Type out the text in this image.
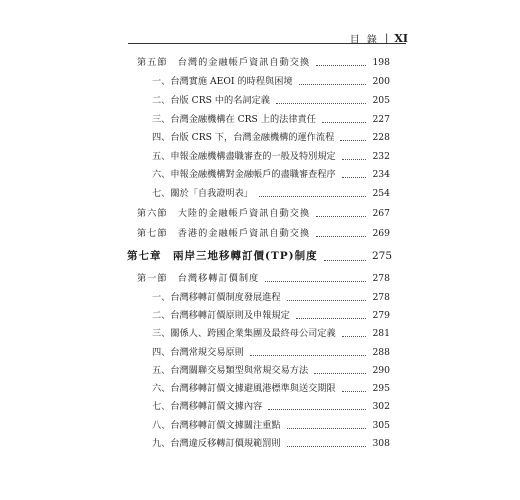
目 錄 | XI
第五節　台灣的金融帳戶資訊自動交換	198
一、台灣實施 AEOI 的時程與困境	200
二、台版 CRS 中的名詞定義	205
三、台灣金融機構在 CRS 上的法律責任	227
四、台版 CRS 下，台灣金融機構的運作流程	228
五、申報金融機構盡職審查的一般及特別規定	232
六、申報金融機構對金融帳戶的盡職審查程序	234
七、關於「自我證明表」	254
第六節　大陸的金融帳戶資訊自動交換	267
第七節　香港的金融帳戶資訊自動交換	269
第七章　兩岸三地移轉訂價(TP)制度	275
第一節　台灣移轉訂價制度	278
一、台灣移轉訂價制度發展進程	278
二、台灣移轉訂價原則及申報規定	279
三、關係人、跨國企業集團及最終母公司定義	281
四、台灣常規交易原則	288
五、台灣關聯交易類型與常規交易方法	290
六、台灣移轉訂價文據避風港標準與送交期限	295
七、台灣移轉訂價文據內容	302
八、台灣移轉訂價文據關注重點	305
九、台灣違反移轉訂價規範罰則	308
